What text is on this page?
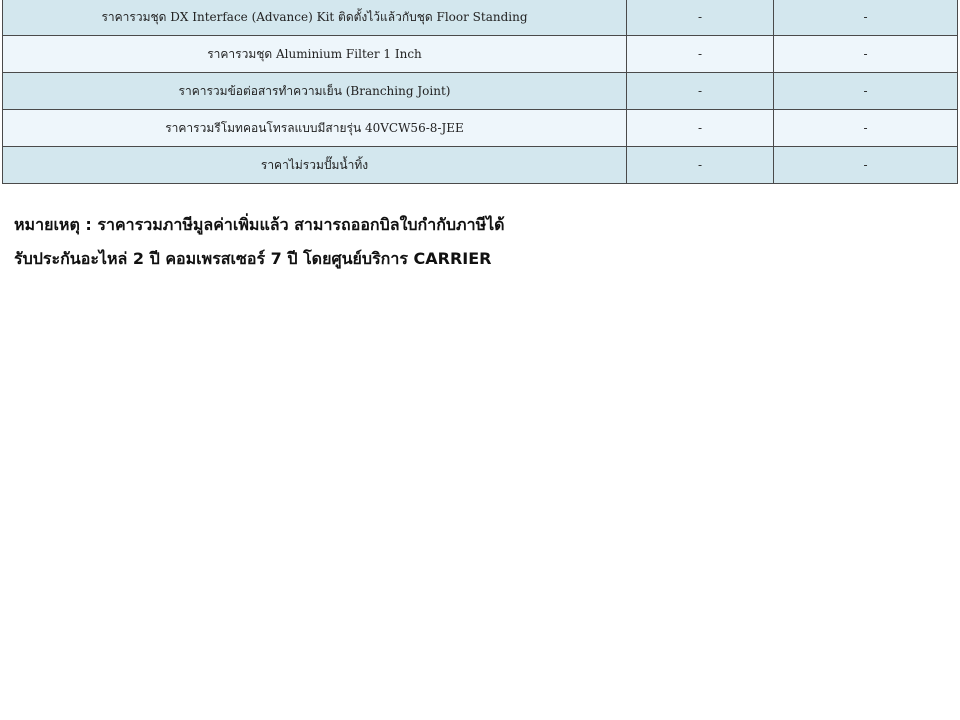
ราคารวมชุด DX Interface (Advance) Kit ติดตั้งไว้แล้วกับชุด Floor Standing	-	-
ราคารวมชุด Aluminium Filter 1 Inch	-	-
ราคารวมข้อต่อสารทำความเย็น (Branching Joint)	-	-
ราคารวมรีโมทคอนโทรลแบบมีสายรุ่น 40VCW56-8-JEE	-	-
ราคาไม่รวมปั๊มน้ำทิ้ง	-	-
หมายเหตุ : ราคารวมภาษีมูลค่าเพิ่มแล้ว สามารถออกบิลใบกำกับภาษีได้
รับประกันอะไหล่ 2 ปี คอมเพรสเซอร์ 7 ปี โดยศูนย์บริการ CARRIER
